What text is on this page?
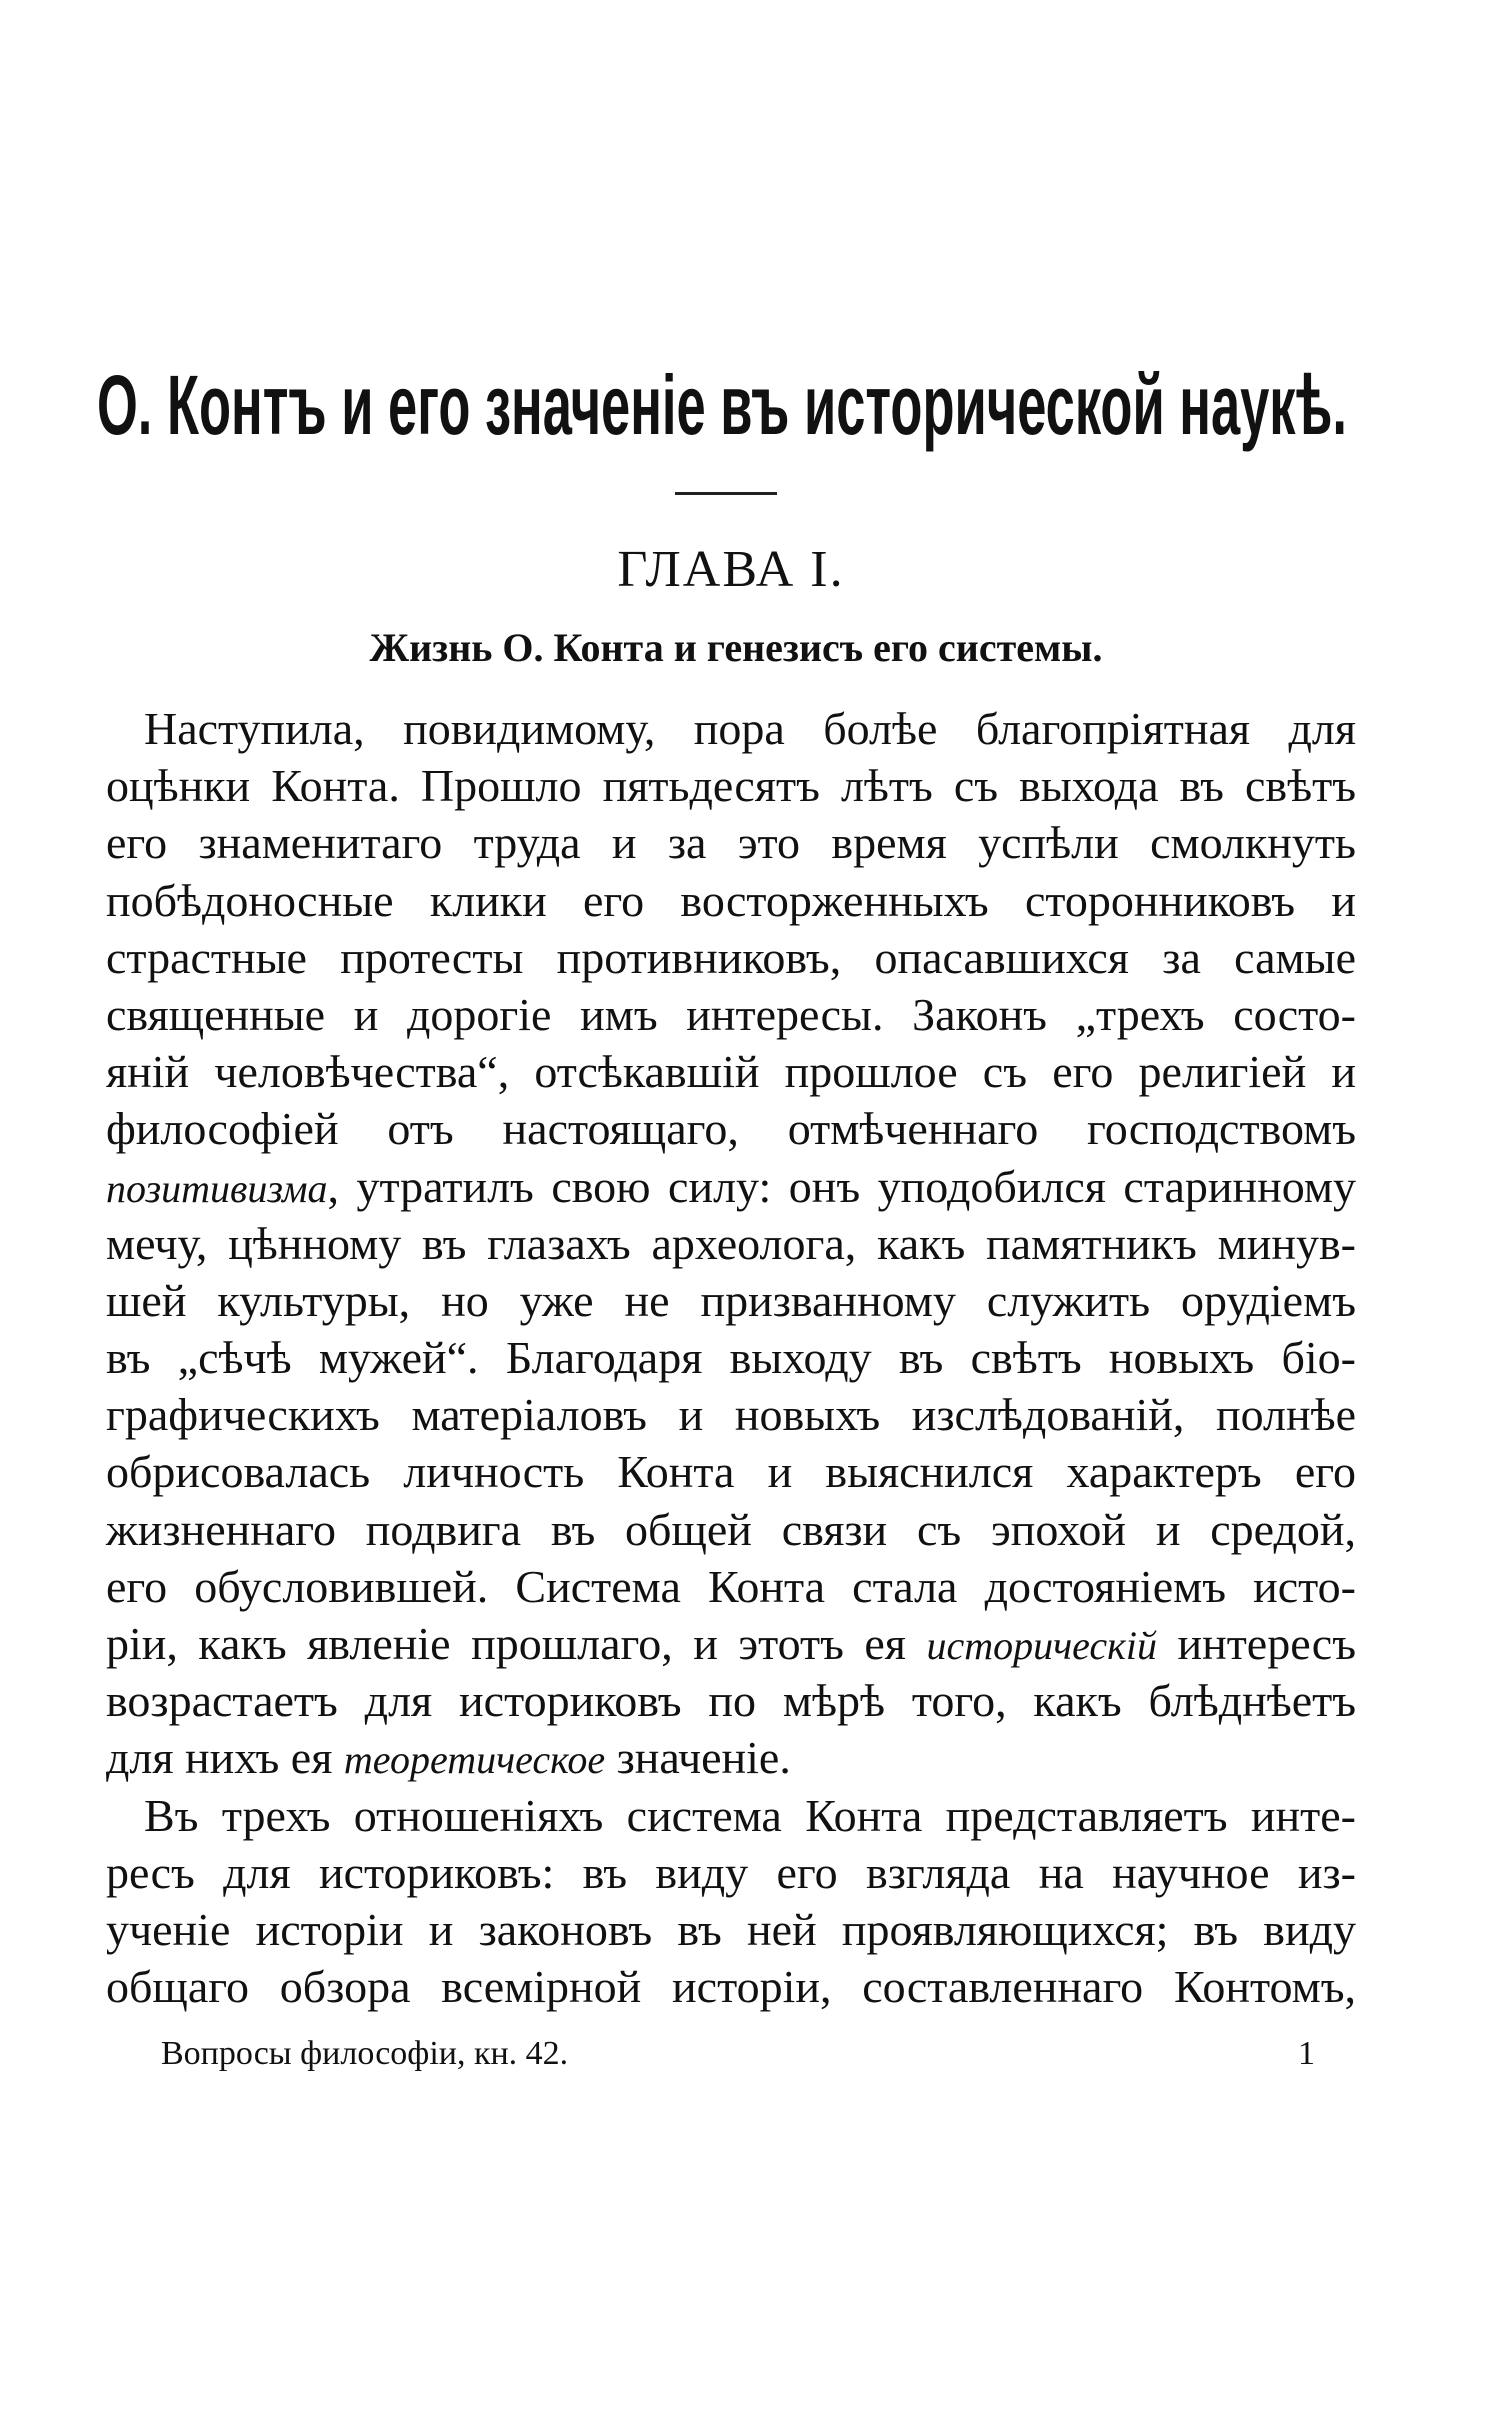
О. Контъ и его значеніе въ исторической наукѣ.
ГЛАВА I.
Жизнь О. Конта и генезисъ его системы.
Наступила, повидимому, пора болѣе благопріятная для
оцѣнки Конта. Прошло пятьдесятъ лѣтъ съ выхода въ свѣтъ
его знаменитаго труда и за это время успѣли смолкнуть
побѣдоносные клики его восторженныхъ сторонниковъ и
страстные протесты противниковъ, опасавшихся за самые
священные и дорогіе имъ интересы. Законъ „трехъ состо-
яній человѣчества“, отсѣкавшій прошлое съ его религіей и
философіей отъ настоящаго, отмѣченнаго господствомъ
позитивизма, утратилъ свою силу: онъ уподобился старинному
мечу, цѣнному въ глазахъ археолога, какъ памятникъ минув-
шей культуры, но уже не призванному служить орудіемъ
въ „сѣчѣ мужей“. Благодаря выходу въ свѣтъ новыхъ біо-
графическихъ матеріаловъ и новыхъ изслѣдованій, полнѣе
обрисовалась личность Конта и выяснился характеръ его
жизненнаго подвига въ общей связи съ эпохой и средой,
его обусловившей. Система Конта стала достояніемъ исто-
ріи, какъ явленіе прошлаго, и этотъ ея историческій интересъ
возрастаетъ для историковъ по мѣрѣ того, какъ блѣднѣетъ
для нихъ ея теоретическое значеніе.
Въ трехъ отношеніяхъ система Конта представляетъ инте-
ресъ для историковъ: въ виду его взгляда на научное из-
ученіе исторіи и законовъ въ ней проявляющихся; въ виду
общаго обзора всемірной исторіи, составленнаго Контомъ,
Вопросы философіи, кн. 42.	1
